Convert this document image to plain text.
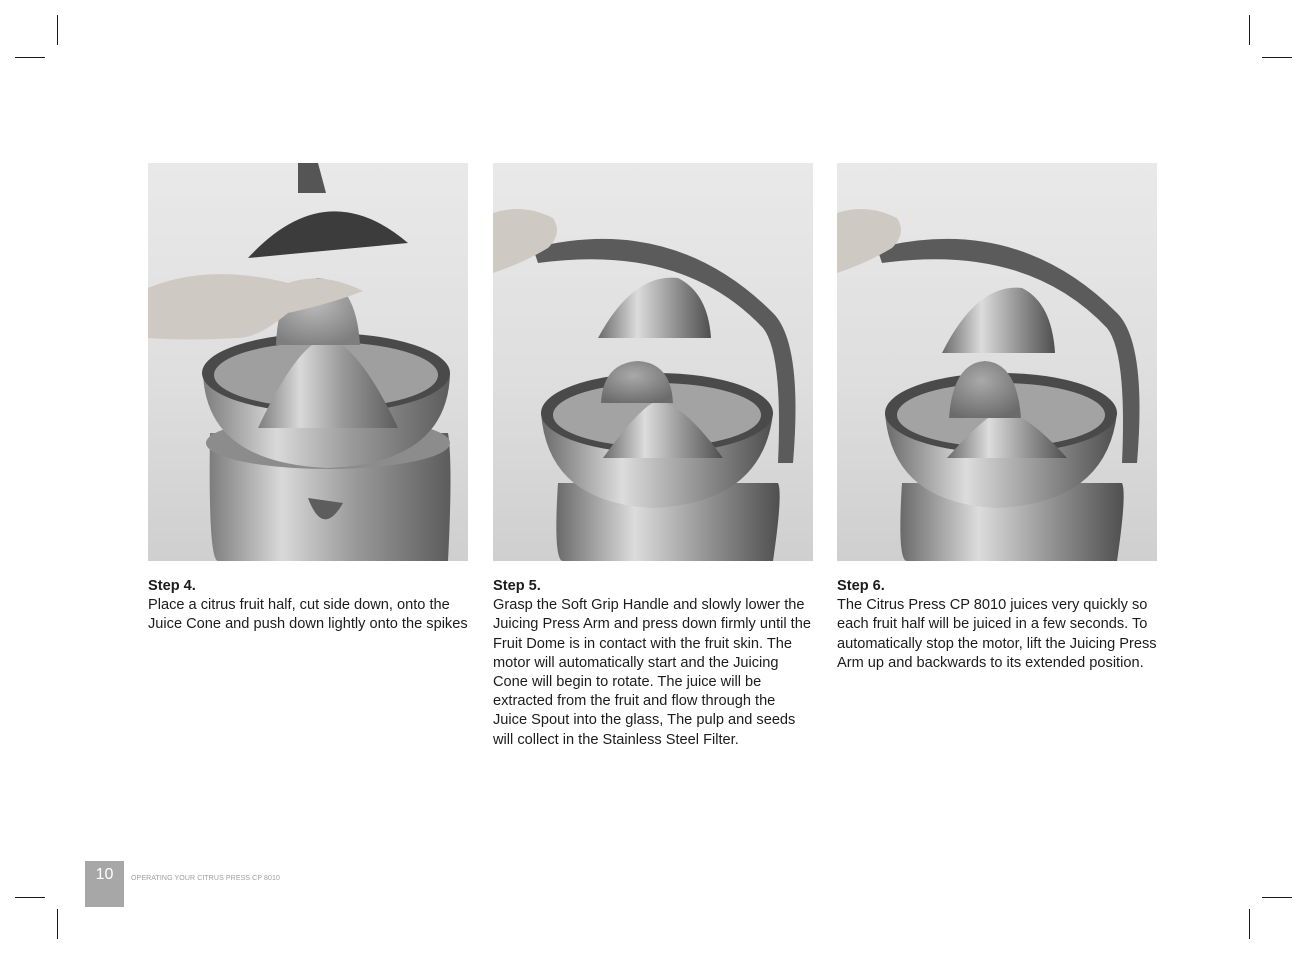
Step 4.
Place a citrus fruit half, cut side down, onto the Juice Cone and push down lightly onto the spikes
Step 5.
Grasp the Soft Grip Handle and slowly lower the Juicing Press Arm and press down firmly until the Fruit Dome is in contact with the fruit skin. The motor will automatically start and the Juicing Cone will begin to rotate. The juice will be extracted from the fruit and flow through the Juice Spout into the glass, The pulp and seeds will collect in the Stainless Steel Filter.
Step 6.
The Citrus Press CP 8010 juices very quickly so each fruit half will be juiced in a few seconds. To automatically stop the motor, lift the Juicing Press Arm up and backwards to its extended position.
10	OPERATING YOUR CITRUS PRESS CP 8010
